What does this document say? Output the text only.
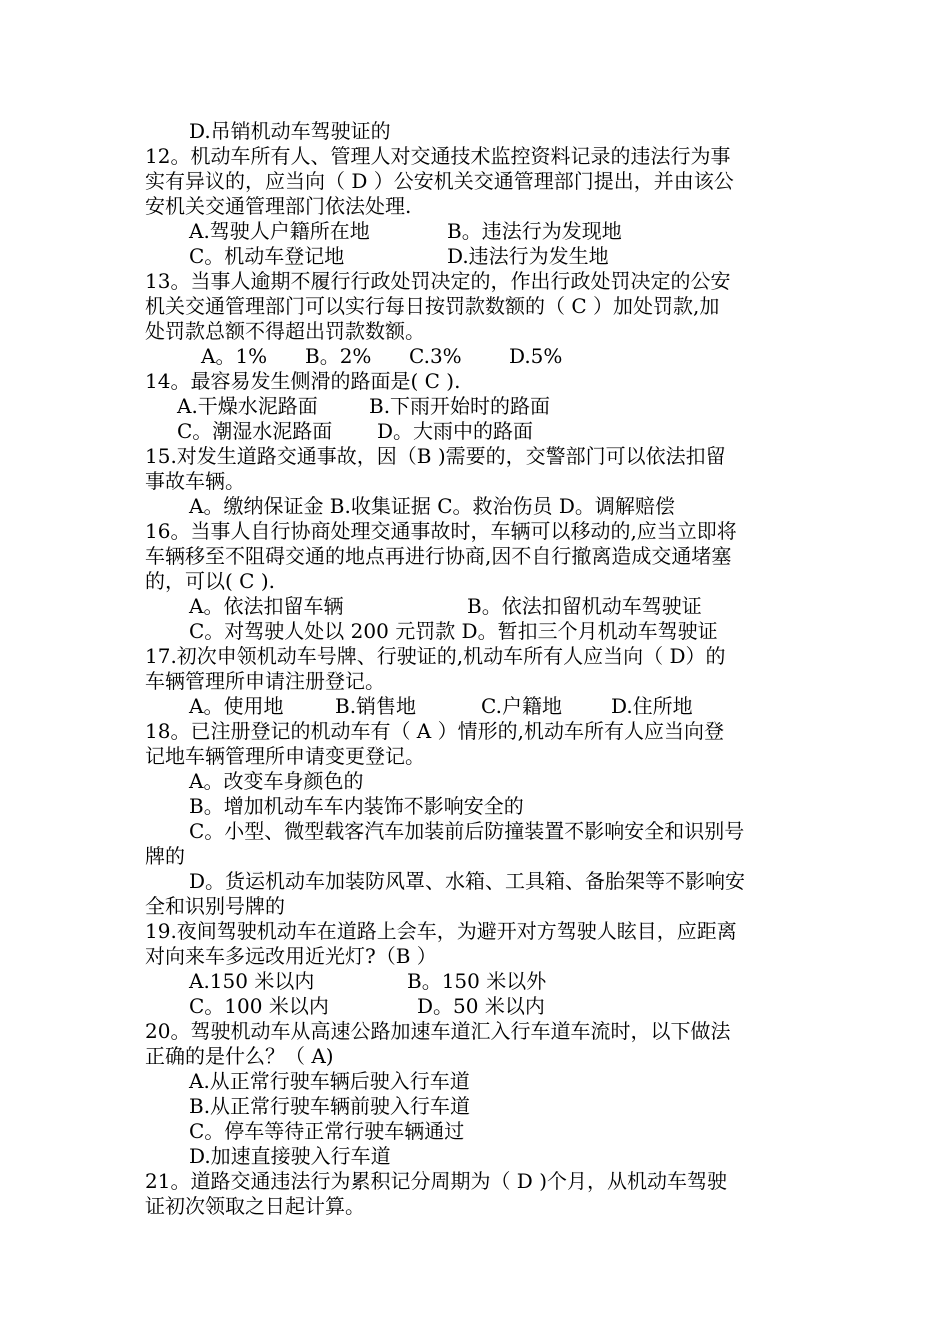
D.吊销机动车驾驶证的
12。机动车所有人、管理人对交通技术监控资料记录的违法行为事
实有异议的，应当向（ D ）公安机关交通管理部门提出，并由该公
安机关交通管理部门依法处理.
A.驾驶人户籍所在地	B。违法行为发现地
C。机动车登记地	D.违法行为发生地
13。当事人逾期不履行行政处罚决定的，作出行政处罚决定的公安
机关交通管理部门可以实行每日按罚款数额的（ C ）加处罚款,加
处罚款总额不得超出罚款数额。
A。1% B。2% C.3% D.5%
14。最容易发生侧滑的路面是( C ).
A.干燥水泥路面	B.下雨开始时的路面
C。潮湿水泥路面 D。大雨中的路面
15.对发生道路交通事故，因（B )需要的，交警部门可以依法扣留
事故车辆。
A。缴纳保证金 B.收集证据 C。救治伤员 D。调解赔偿
16。当事人自行协商处理交通事故时，车辆可以移动的,应当立即将
车辆移至不阻碍交通的地点再进行协商,因不自行撤离造成交通堵塞
的，可以( C ).
A。依法扣留车辆	B。依法扣留机动车驾驶证
C。对驾驶人处以 200 元罚款 D。暂扣三个月机动车驾驶证
17.初次申领机动车号牌、行驶证的,机动车所有人应当向（ D）的
车辆管理所申请注册登记。
A。使用地	B.销售地	C.户籍地 D.住所地
18。已注册登记的机动车有（ A ）情形的,机动车所有人应当向登
记地车辆管理所申请变更登记。
A。改变车身颜色的
B。增加机动车车内装饰不影响安全的
C。小型、微型载客汽车加装前后防撞装置不影响安全和识别号
牌的
D。货运机动车加装防风罩、水箱、工具箱、备胎架等不影响安
全和识别号牌的
19.夜间驾驶机动车在道路上会车，为避开对方驾驶人眩目，应距离
对向来车多远改用近光灯?（B ）
A.150 米以内	B。150 米以外
C。100 米以内	D。50 米以内
20。驾驶机动车从高速公路加速车道汇入行车道车流时，以下做法
正确的是什么？（ A)
A.从正常行驶车辆后驶入行车道
B.从正常行驶车辆前驶入行车道
C。停车等待正常行驶车辆通过
D.加速直接驶入行车道
21。道路交通违法行为累积记分周期为（ D )个月，从机动车驾驶
证初次领取之日起计算。
